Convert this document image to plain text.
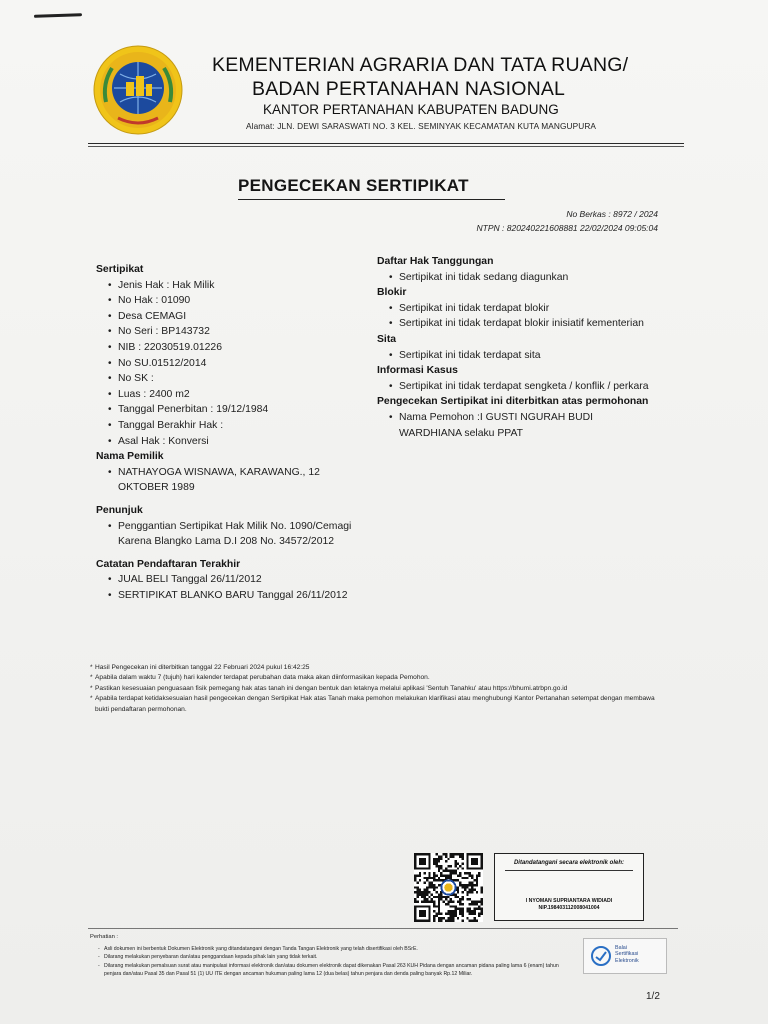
KEMENTERIAN AGRARIA DAN TATA RUANG/
BADAN PERTANAHAN NASIONAL
KANTOR PERTANAHAN KABUPATEN BADUNG
Alamat: JLN. DEWI SARASWATI NO. 3 KEL. SEMINYAK KECAMATAN KUTA MANGUPURA
PENGECEKAN SERTIPIKAT
No Berkas : 8972 / 2024
NTPN : 820240221608881 22/02/2024 09:05:04

Sertipikat

• Jenis Hak : Hak Milik
• No Hak : 01090
• Desa CEMAGI
• No Seri : BP143732
• NIB : 22030519.01226
• No SU.01512/2014
• No SK :
• Luas : 2400 m2
• Tanggal Penerbitan : 19/12/1984
• Tanggal Berakhir Hak :
• Asal Hak : Konversi

Nama Pemilik

• NATHAYOGA WISNAWA, KARAWANG., 12 OKTOBER 1989

Penunjuk

• Penggantian Sertipikat Hak Milik No. 1090/Cemagi Karena Blangko Lama D.I 208 No. 34572/2012

Catatan Pendaftaran Terakhir

• JUAL BELI Tanggal 26/11/2012
• SERTIPIKAT BLANKO BARU Tanggal 26/11/2012

Daftar Hak Tanggungan

• Sertipikat ini tidak sedang diagunkan

Blokir

• Sertipikat ini tidak terdapat blokir
• Sertipikat ini tidak terdapat blokir inisiatif kementerian

Sita

• Sertipikat ini tidak terdapat sita

Informasi Kasus

• Sertipikat ini tidak terdapat sengketa / konflik / perkara

Pengecekan Sertipikat ini diterbitkan atas permohonan

• Nama Pemohon :I GUSTI NGURAH BUDI WARDHIANA selaku PPAT
* Hasil Pengecekan ini diterbitkan tanggal 22 Februari 2024 pukul 16:42:25
* Apabila dalam waktu 7 (tujuh) hari kalender terdapat perubahan data maka akan diinformasikan kepada Pemohon.
* Pastikan kesesuaian penguasaan fisik pemegang hak atas tanah ini dengan bentuk dan letaknya melalui aplikasi 'Sentuh Tanahku' atau https://bhumi.atrbpn.go.id
* Apabila terdapat ketidaksesuaian hasil pengecekan dengan Sertipikat Hak atas Tanah maka pemohon melakukan klarifikasi atau menghubungi Kantor Pertanahan setempat dengan membawa bukti pendaftaran permohonan.
Ditandatangani secara elektronik oleh:
I NYOMAN SUPRIANTARA WIDIADI
NIP.198403112008041004
Perhatian :
- Asli dokumen ini berbentuk Dokumen Elektronik yang ditandatangani dengan Tanda Tangan Elektronik yang telah disertifikasi oleh BSrE.
- Dilarang melakukan penyebaran dan/atau penggandaan kepada pihak lain yang tidak terkait.
- Dilarang melakukan pemalsuan surat atau manipulasi informasi elektronik dan/atau dokumen elektronik dapat dikenakan Pasal 263 KUH Pidana dengan ancaman pidana paling lama 6 (enam) tahun penjara dan/atau Pasal 35 dan Pasal 51 (1) UU ITE dengan ancaman hukuman paling lama 12 (dua belas) tahun penjara dan denda paling banyak Rp.12 Miliar.
Balai
Sertifikasi
Elektronik
1/2
